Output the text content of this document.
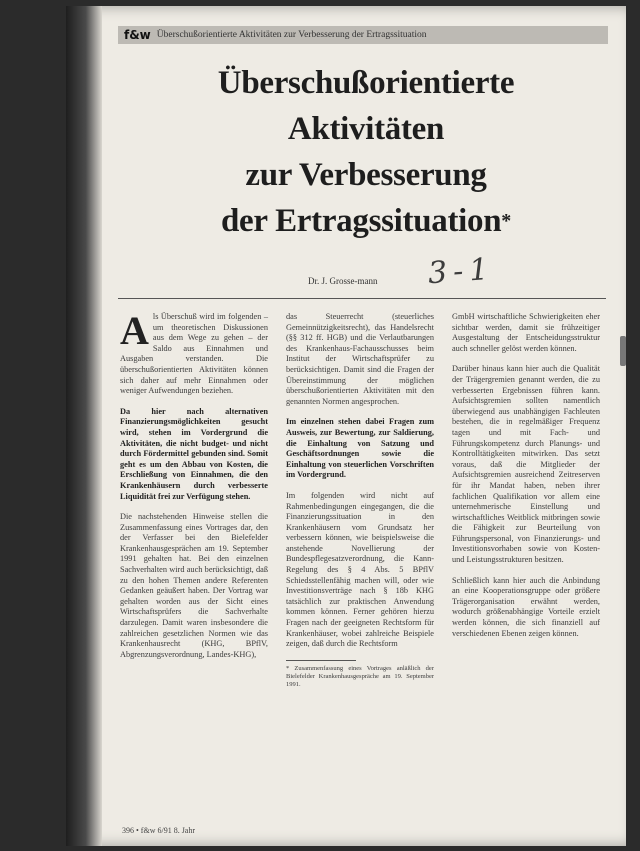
f&w Überschußorientierte Aktivitäten zur Verbesserung der Ertragssituation
Überschußorientierte
Aktivitäten
zur Verbesserung
der Ertragssituation*
3-1
Dr. J. Grosse-mann

Als Überschuß wird im folgenden – um theoretischen Diskussionen aus dem Wege zu gehen – der Saldo aus Einnahmen und Ausgaben verstanden. Die überschußorientierten Aktivitäten können sich daher auf mehr Einnahmen oder weniger Aufwendungen beziehen.

Da hier nach alternativen Finanzierungsmöglichkeiten gesucht wird, stehen im Vordergrund die Aktivitäten, die nicht budget- und nicht durch Fördermittel gebunden sind. Somit geht es um den Abbau von Kosten, die Erschließung von Einnahmen, die den Krankenhäusern durch verbesserte Liquidität frei zur Verfügung stehen.

Die nachstehenden Hinweise stellen die Zusammenfassung eines Vortrages dar, den der Verfasser bei den Bielefelder Krankenhausgesprächen am 19. September 1991 gehalten hat. Bei den einzelnen Sachverhalten wird auch berücksichtigt, daß zu den hohen Themen andere Referenten Gedanken geäußert haben. Der Vortrag war gehalten worden aus der Sicht eines Wirtschaftsprüfers die Sachverhalte darzulegen. Damit waren insbesondere die zahlreichen gesetzlichen Normen wie das Krankenhausrecht (KHG, BPflV, Abgrenzungsverordnung, Landes-KHG),

das Steuerrecht (steuerliches Gemeinnützigkeitsrecht), das Handelsrecht (§§ 312 ff. HGB) und die Verlautbarungen des Krankenhaus-Fachausschusses beim Institut der Wirtschaftsprüfer zu berücksichtigen. Damit sind die Fragen der Übereinstimmung der möglichen überschußorientierten Aktivitäten mit den genannten Normen angesprochen.

Im einzelnen stehen dabei Fragen zum Ausweis, zur Bewertung, zur Saldierung, die Einhaltung von Satzung und Geschäftsordnungen sowie die Einhaltung von steuerlichen Vorschriften im Vordergrund.

Im folgenden wird nicht auf Rahmenbedingungen eingegangen, die die Finanzierungssituation in den Krankenhäusern vom Grundsatz her verbessern können, wie beispielsweise die anstehende Novellierung der Bundespflegesatzverordnung, die Kann-Regelung des § 4 Abs. 5 BPflV Schiedsstellenfähig machen will, oder wie Investitionsverträge nach § 18b KHG tatsächlich zur praktischen Anwendung kommen können. Ferner gehören hierzu Fragen nach der geeigneten Rechtsform für Krankenhäuser, wobei zahlreiche Beispiele zeigen, daß durch die Rechtsform

* Zusammenfassung eines Vortrages anläßlich der Bielefelder Krankenhausgespräche am 19. September 1991.

GmbH wirtschaftliche Schwierigkeiten eher sichtbar werden, damit sie frühzeitiger Ausgestaltung der Entscheidungsstruktur auch schneller gelöst werden können.

Darüber hinaus kann hier auch die Qualität der Trägergremien genannt werden, die zu verbesserten Ergebnissen führen kann. Aufsichtsgremien sollten namentlich überwiegend aus unabhängigen Fachleuten bestehen, die in regelmäßiger Frequenz tagen und mit Fach- und Führungskompetenz durch Planungs- und Kontrolltätigkeiten mitwirken. Das setzt voraus, daß die Mitglieder der Aufsichtsgremien ausreichend Zeitreserven für ihr Mandat haben, neben ihrer fachlichen Qualifikation vor allem eine unternehmerische Einstellung und wirtschaftliches Weitblick mitbringen sowie die Fähigkeit zur Beurteilung von Führungspersonal, von Finanzierungs- und Investitionsvorhaben sowie von Kosten- und Leistungsstrukturen besitzen.

Schließlich kann hier auch die Anbindung an eine Kooperationsgruppe oder größere Trägerorganisation erwähnt werden, wodurch größenabhängige Vorteile erzielt werden können, die sich finanziell auf verschiedenen Ebenen zeigen können.

396 • f&w 6/91 8. Jahr
